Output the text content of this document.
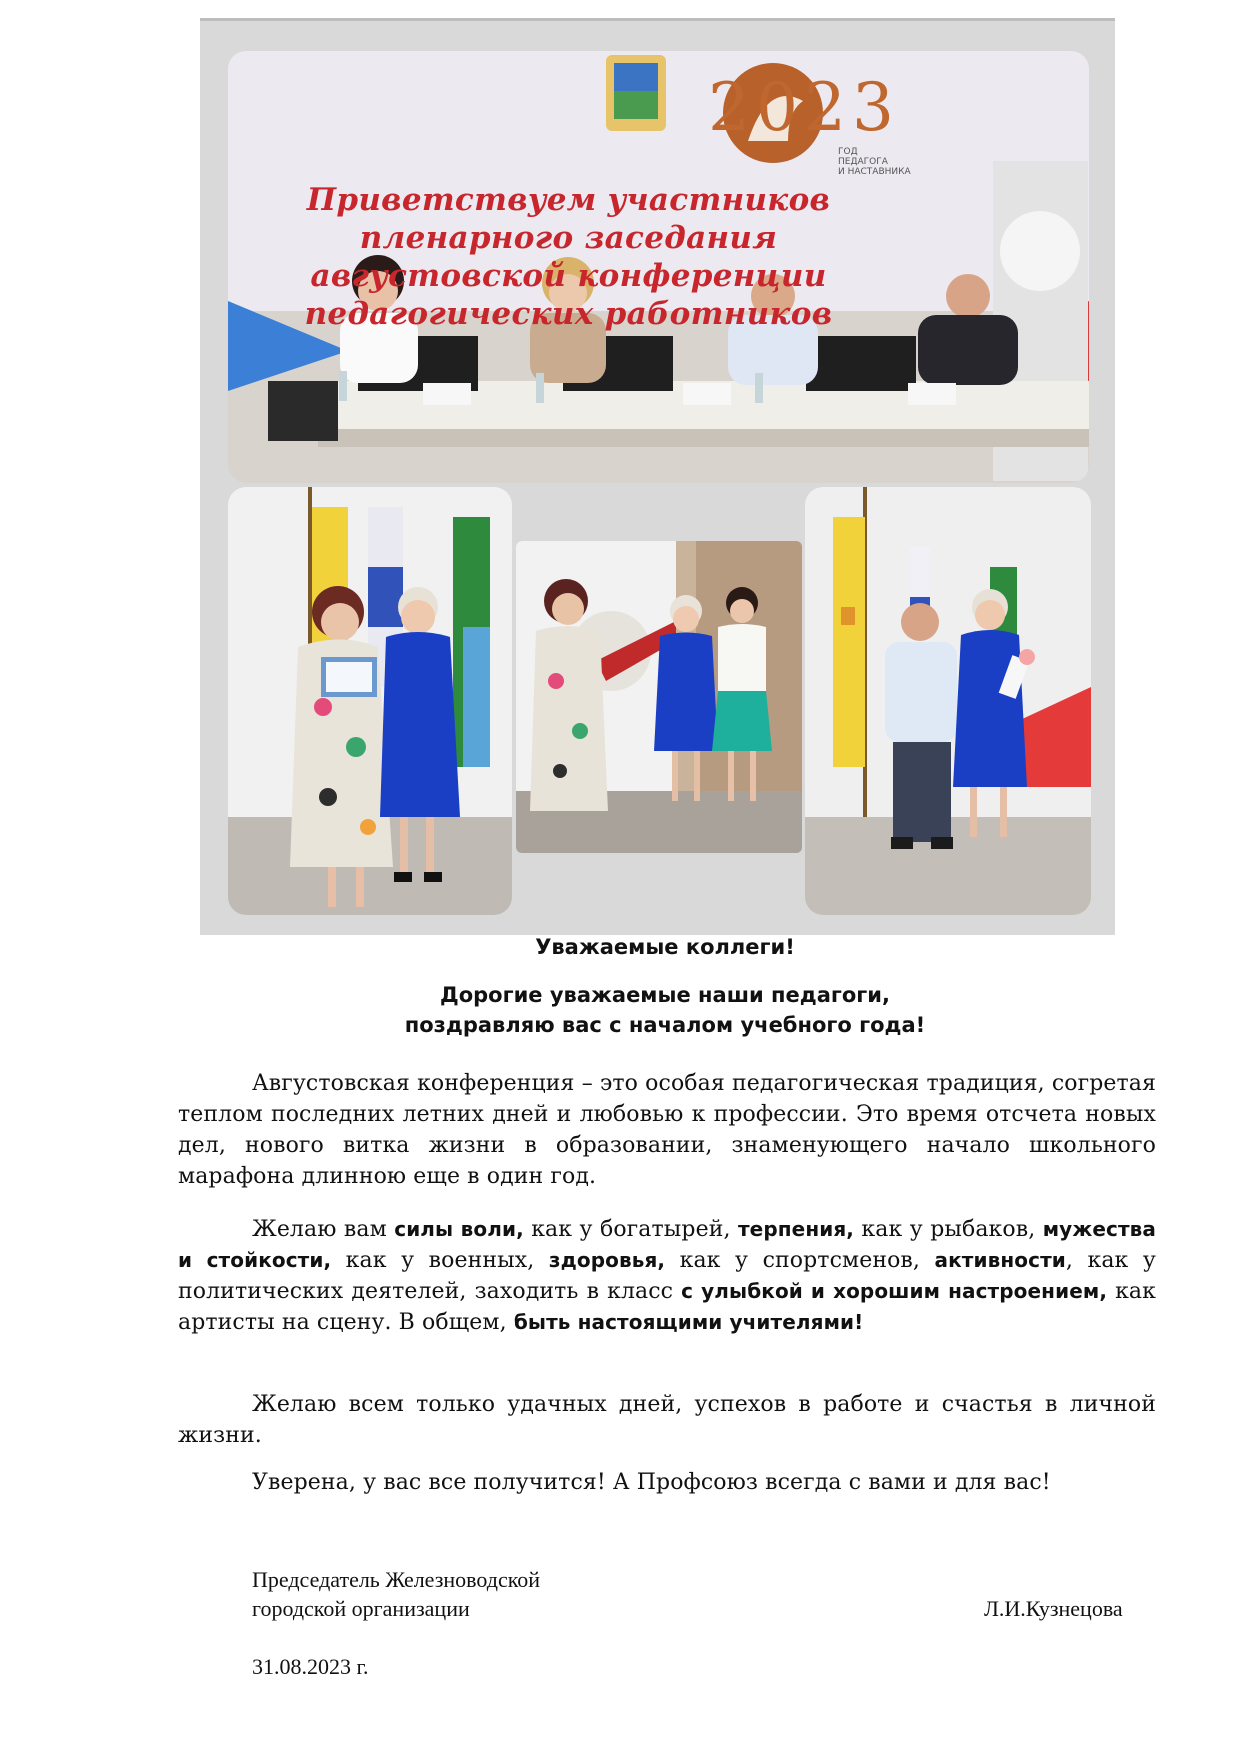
2023
ГОД
ПЕДАГОГА
И НАСТАВНИКА
Приветствуем участников пленарного заседания августовской конференции педагогических работников
Уважаемые коллеги!
Дорогие уважаемые наши педагоги,
поздравляю вас с началом учебного года!
Августовская конференция – это особая педагогическая традиция, согретая теплом последних летних дней и любовью к профессии. Это время отсчета новых дел, нового витка жизни в образовании, знаменующего начало школьного марафона длинною еще в один год.
Желаю вам силы воли, как у богатырей, терпения, как у рыбаков, мужества и стойкости, как у военных, здоровья, как у спортсменов, активности, как у политических деятелей, заходить в класс с улыбкой и хорошим настроением, как артисты на сцену. В общем, быть настоящими учителями!
Желаю всем только удачных дней, успехов в работе и счастья в личной жизни.
Уверена, у вас все получится! А Профсоюз всегда с вами и для вас!
Председатель Железноводской
городской организации	Л.И.Кузнецова
31.08.2023 г.
